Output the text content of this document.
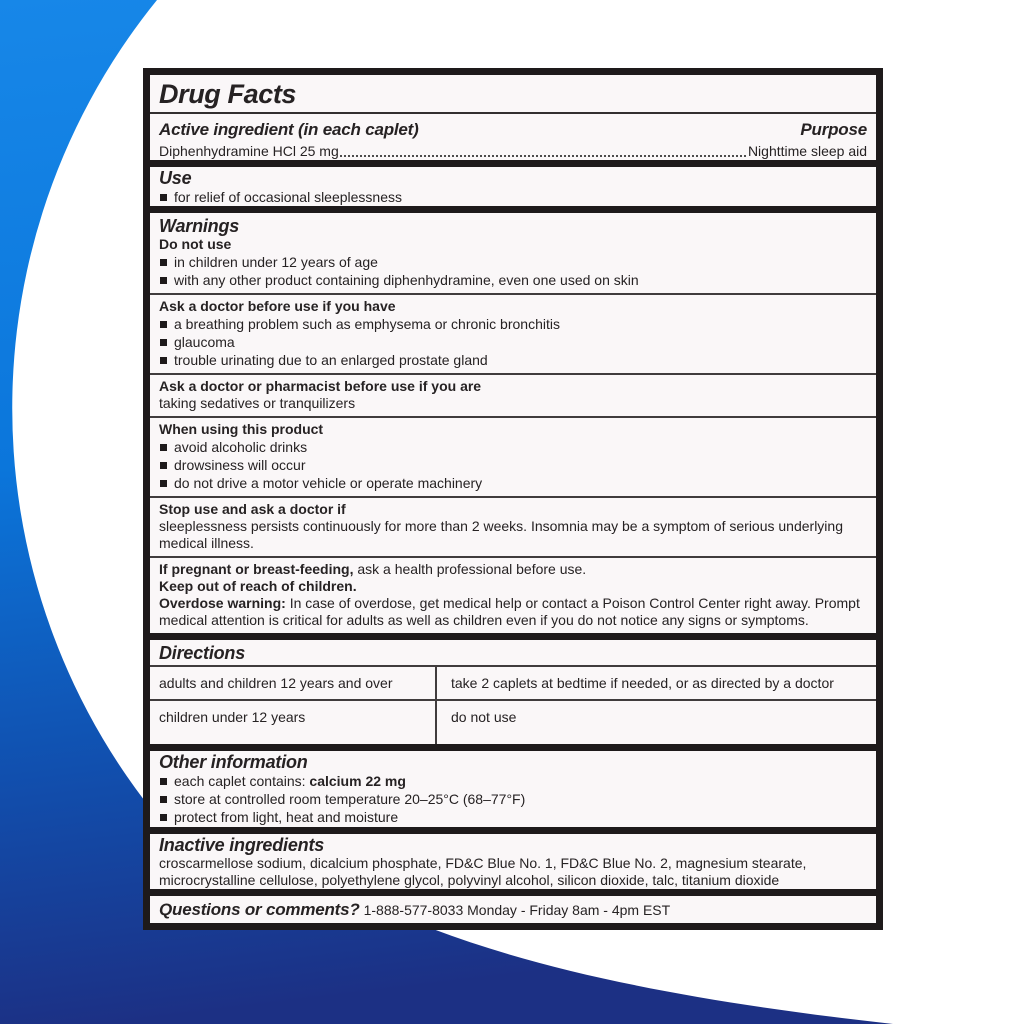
Drug Facts
Active ingredient (in each caplet)	Purpose
Diphenhydramine HCl 25 mg	Nighttime sleep aid
Use
for relief of occasional sleeplessness
Warnings
Do not use
in children under 12 years of age
with any other product containing diphenhydramine, even one used on skin
Ask a doctor before use if you have
a breathing problem such as emphysema or chronic bronchitis
glaucoma
trouble urinating due to an enlarged prostate gland
Ask a doctor or pharmacist before use if you are
taking sedatives or tranquilizers
When using this product
avoid alcoholic drinks
drowsiness will occur
do not drive a motor vehicle or operate machinery
Stop use and ask a doctor if
sleeplessness persists continuously for more than 2 weeks. Insomnia may be a symptom of serious underlying medical illness.
If pregnant or breast-feeding, ask a health professional before use.
Keep out of reach of children.
Overdose warning: In case of overdose, get medical help or contact a Poison Control Center right away. Prompt medical attention is critical for adults as well as children even if you do not notice any signs or symptoms.
Directions
adults and children 12 years and over	take 2 caplets at bedtime if needed, or as directed by a doctor
children under 12 years	do not use
Other information
each caplet contains: calcium 22 mg
store at controlled room temperature 20–25°C (68–77°F)
protect from light, heat and moisture
Inactive ingredients
croscarmellose sodium, dicalcium phosphate, FD&C Blue No. 1, FD&C Blue No. 2, magnesium stearate, microcrystalline cellulose, polyethylene glycol, polyvinyl alcohol, silicon dioxide, talc, titanium dioxide
Questions or comments? 1-888-577-8033 Monday - Friday 8am - 4pm EST
